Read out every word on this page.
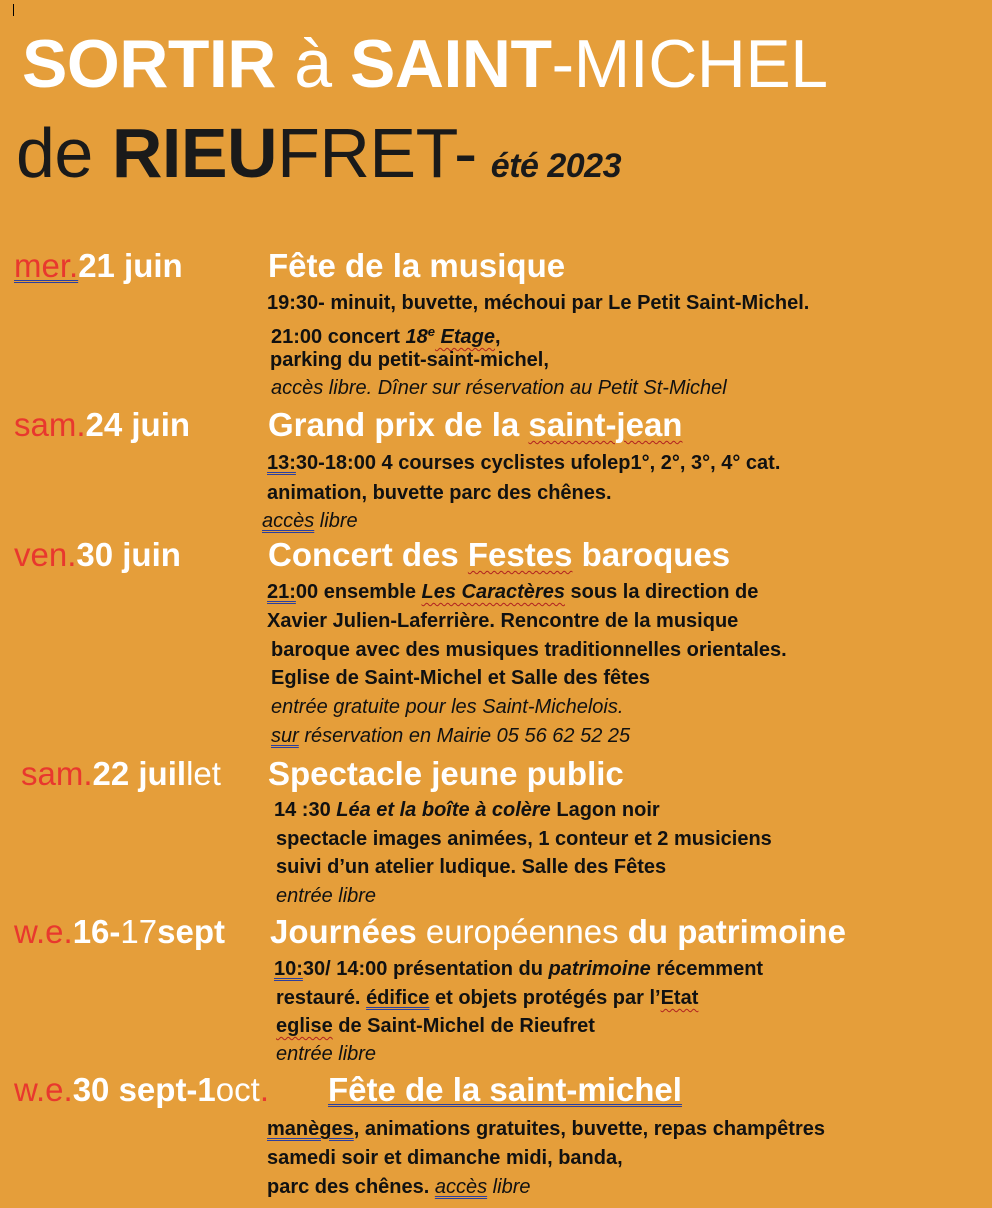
SORTIR à SAINT-MICHEL
de RIEUFRET- été 2023
mer.21 juin	Fête de la musique
19:30- minuit, buvette, méchoui par Le Petit Saint-Michel.
21:00 concert 18e Etage,
parking du petit-saint-michel,
accès libre. Dîner sur réservation au Petit St-Michel
sam.24 juin Grand prix de la saint-jean
13:30-18:00 4 courses cyclistes ufolep1°, 2°, 3°, 4° cat.
animation, buvette parc des chênes.
accès libre
ven.30 juin	Concert des Festes baroques
21:00 ensemble Les Caractères sous la direction de
Xavier Julien-Laferrière. Rencontre de la musique
baroque avec des musiques traditionnelles orientales.
Eglise de Saint-Michel et Salle des fêtes
entrée gratuite pour les Saint-Michelois.
sur réservation en Mairie 05 56 62 52 25
sam.22 juillet Spectacle jeune public
14 :30 Léa et la boîte à colère Lagon noir
spectacle images animées, 1 conteur et 2 musiciens
suivi d’un atelier ludique. Salle des Fêtes
entrée libre
w.e.16-17sept Journées européennes du patrimoine
10:30/ 14:00 présentation du patrimoine récemment
restauré. édifice et objets protégés par l’Etat
eglise de Saint-Michel de Rieufret
entrée libre
w.e.30 sept-1oct. Fête de la saint-michel
manèges, animations gratuites, buvette, repas champêtres
samedi soir et dimanche midi, banda,
parc des chênes. accès libre
